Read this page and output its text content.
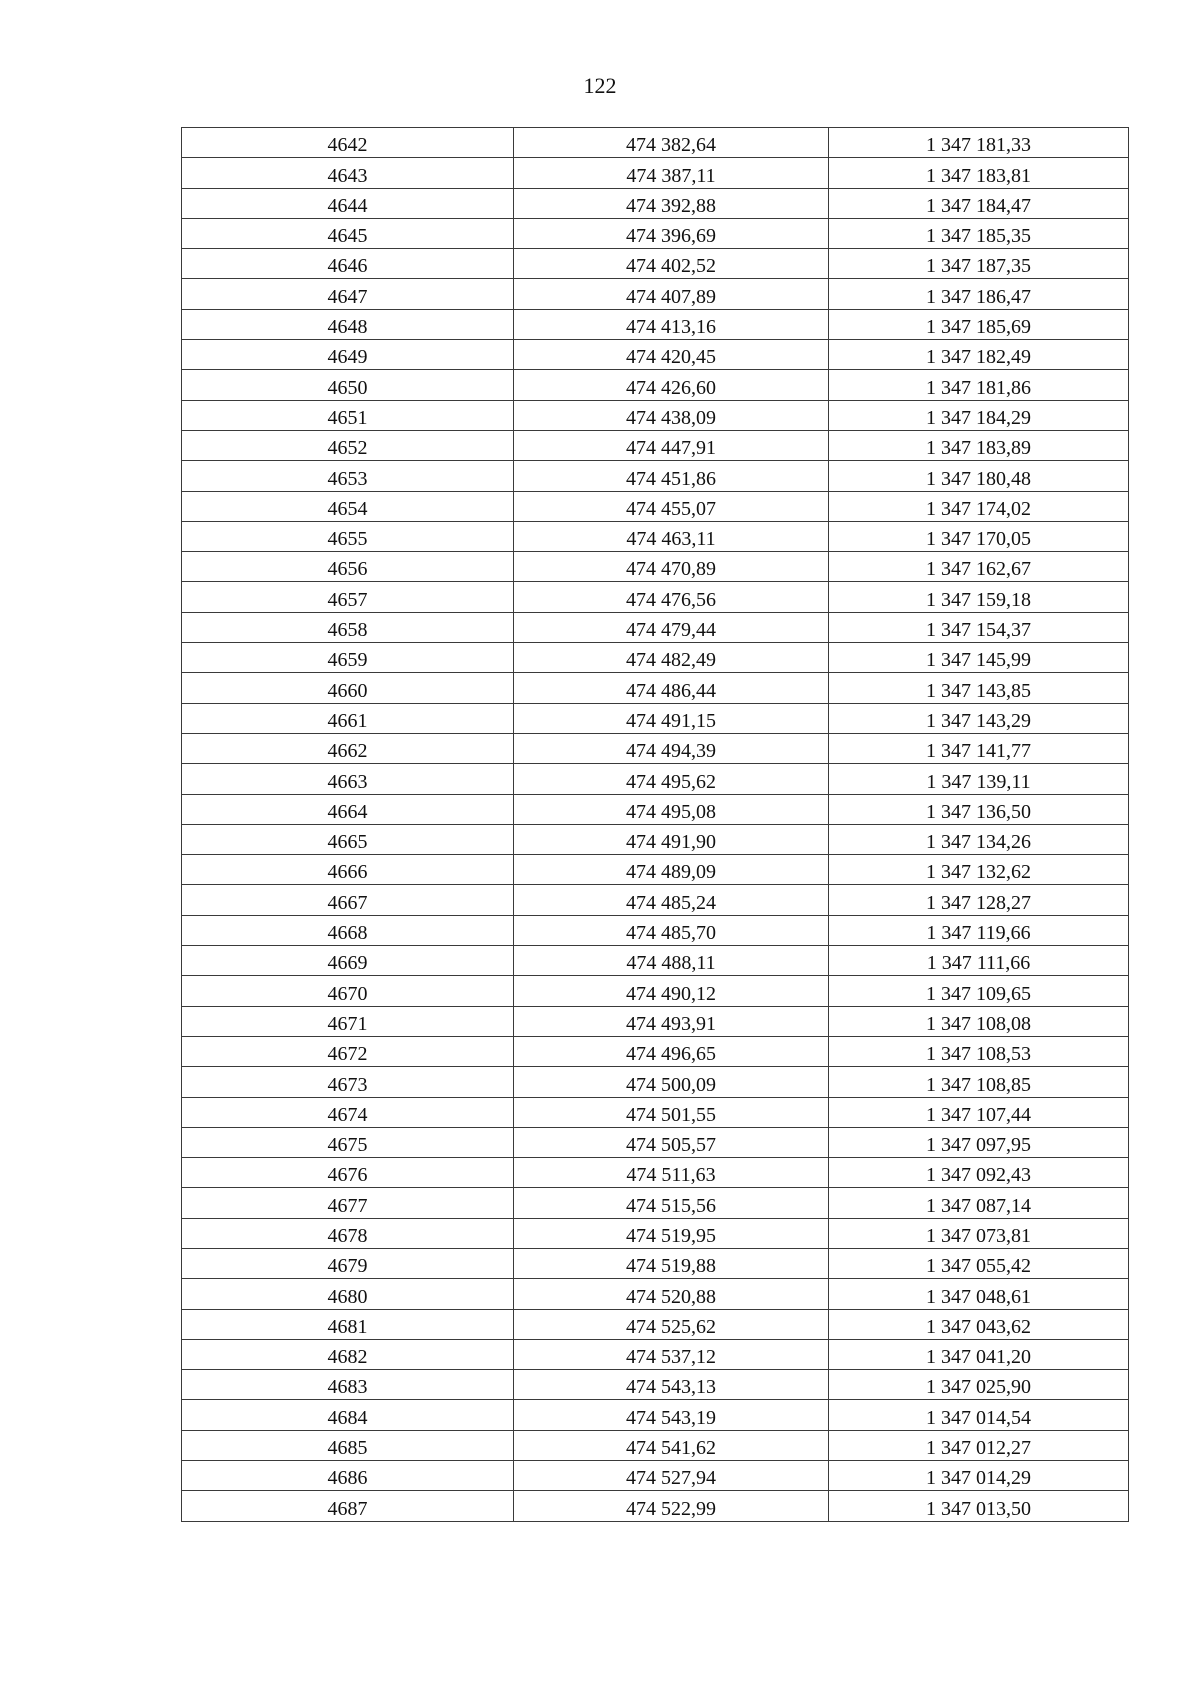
122
4642	474 382,64	1 347 181,33
4643	474 387,11	1 347 183,81
4644	474 392,88	1 347 184,47
4645	474 396,69	1 347 185,35
4646	474 402,52	1 347 187,35
4647	474 407,89	1 347 186,47
4648	474 413,16	1 347 185,69
4649	474 420,45	1 347 182,49
4650	474 426,60	1 347 181,86
4651	474 438,09	1 347 184,29
4652	474 447,91	1 347 183,89
4653	474 451,86	1 347 180,48
4654	474 455,07	1 347 174,02
4655	474 463,11	1 347 170,05
4656	474 470,89	1 347 162,67
4657	474 476,56	1 347 159,18
4658	474 479,44	1 347 154,37
4659	474 482,49	1 347 145,99
4660	474 486,44	1 347 143,85
4661	474 491,15	1 347 143,29
4662	474 494,39	1 347 141,77
4663	474 495,62	1 347 139,11
4664	474 495,08	1 347 136,50
4665	474 491,90	1 347 134,26
4666	474 489,09	1 347 132,62
4667	474 485,24	1 347 128,27
4668	474 485,70	1 347 119,66
4669	474 488,11	1 347 111,66
4670	474 490,12	1 347 109,65
4671	474 493,91	1 347 108,08
4672	474 496,65	1 347 108,53
4673	474 500,09	1 347 108,85
4674	474 501,55	1 347 107,44
4675	474 505,57	1 347 097,95
4676	474 511,63	1 347 092,43
4677	474 515,56	1 347 087,14
4678	474 519,95	1 347 073,81
4679	474 519,88	1 347 055,42
4680	474 520,88	1 347 048,61
4681	474 525,62	1 347 043,62
4682	474 537,12	1 347 041,20
4683	474 543,13	1 347 025,90
4684	474 543,19	1 347 014,54
4685	474 541,62	1 347 012,27
4686	474 527,94	1 347 014,29
4687	474 522,99	1 347 013,50
